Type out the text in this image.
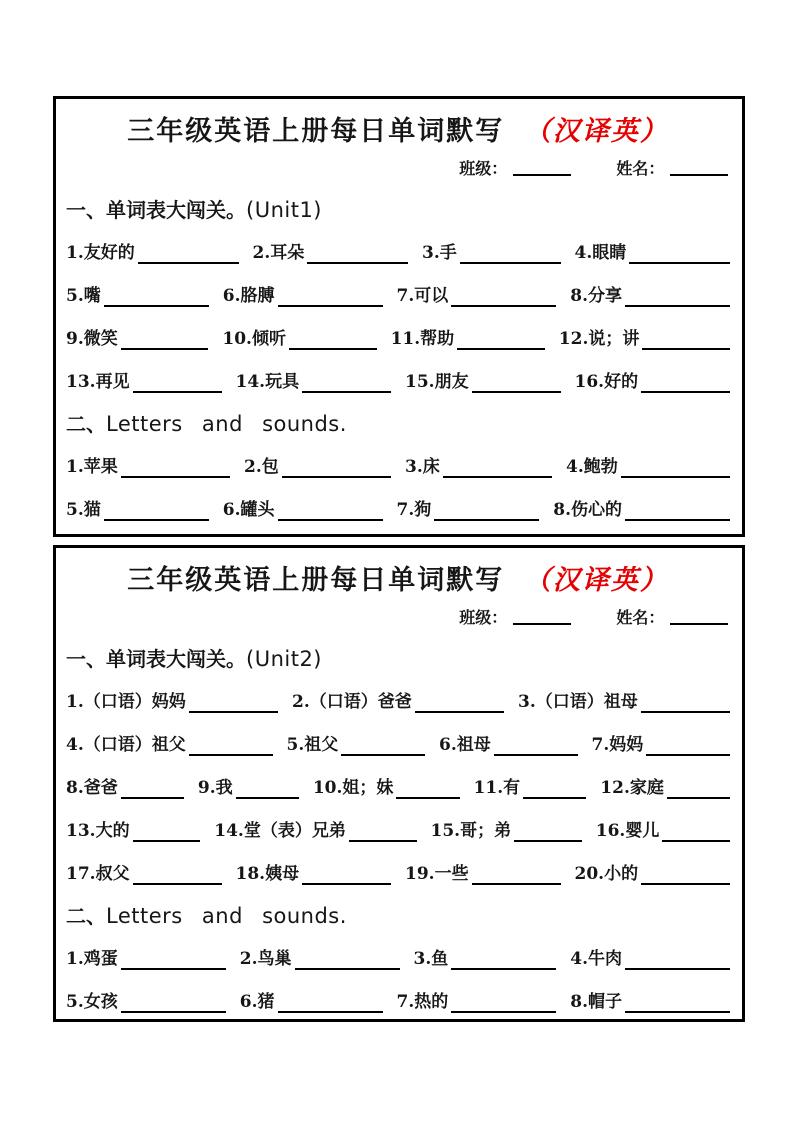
三年级英语上册每日单词默写 （汉译英）
班级：	姓名：
一、单词表大闯关。(Unit1)
1.友好的	2.耳朵	3.手	4.眼睛
5.嘴	6.胳膊	7.可以	8.分享
9.微笑	10.倾听	11.帮助	12.说；讲
13.再见	14.玩具	15.朋友	16.好的
二、Letters and sounds.
1.苹果	2.包	3.床	4.鲍勃
5.猫	6.罐头	7.狗	8.伤心的
三年级英语上册每日单词默写 （汉译英）
班级：	姓名：
一、单词表大闯关。(Unit2)
1.（口语）妈妈	2.（口语）爸爸	3.（口语）祖母
4.（口语）祖父	5.祖父	6.祖母	7.妈妈
8.爸爸	9.我	10.姐；妹	11.有	12.家庭
13.大的	14.堂（表）兄弟	15.哥；弟	16.婴儿
17.叔父	18.姨母	19.一些	20.小的
二、Letters and sounds.
1.鸡蛋	2.鸟巢	3.鱼	4.牛肉
5.女孩	6.猪	7.热的	8.帽子
